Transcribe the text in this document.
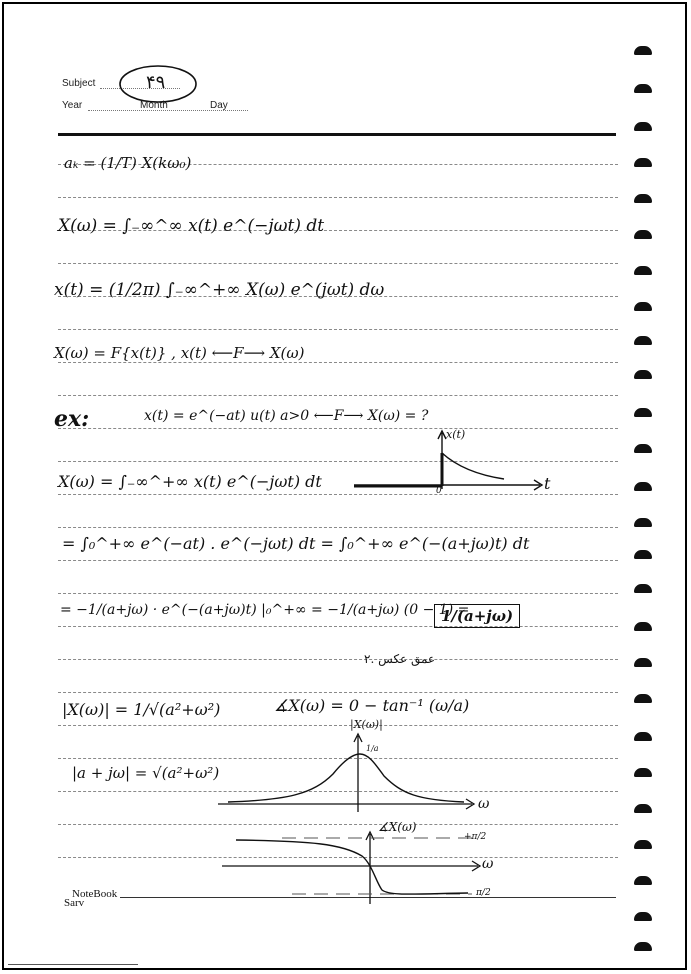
Subject	۴۹
Year	Month	Day
aₖ = (1/T) X(kω₀)
X(ω) = ∫₋∞^∞ x(t) e^(−jωt) dt
x(t) = (1/2π) ∫₋∞^+∞ X(ω) e^(jωt) dω
X(ω) = F{x(t)} , x(t) ⟵F⟶ X(ω)
ex:	x(t) = e^(−at) u(t) a>0 ⟵F⟶ X(ω) = ?
X(ω) = ∫₋∞^+∞ x(t) e^(−jωt) dt
= ∫₀^+∞ e^(−at) . e^(−jωt) dt = ∫₀^+∞ e^(−(a+jω)t) dt
= −1/(a+jω) · e^(−(a+jω)t) |₀^+∞ = −1/(a+jω) (0 − 1) =
1/(a+jω)
۲. عمق عکس
|X(ω)| = 1/√(a²+ω²)	∡X(ω) = 0 − tan⁻¹ (ω/a)
|a + jω| = √(a²+ω²)
x(t)
t
0
|X(ω)|
1/a
ω
∡X(ω)
+π/2
ω
π/2
NoteBook
Sarv
